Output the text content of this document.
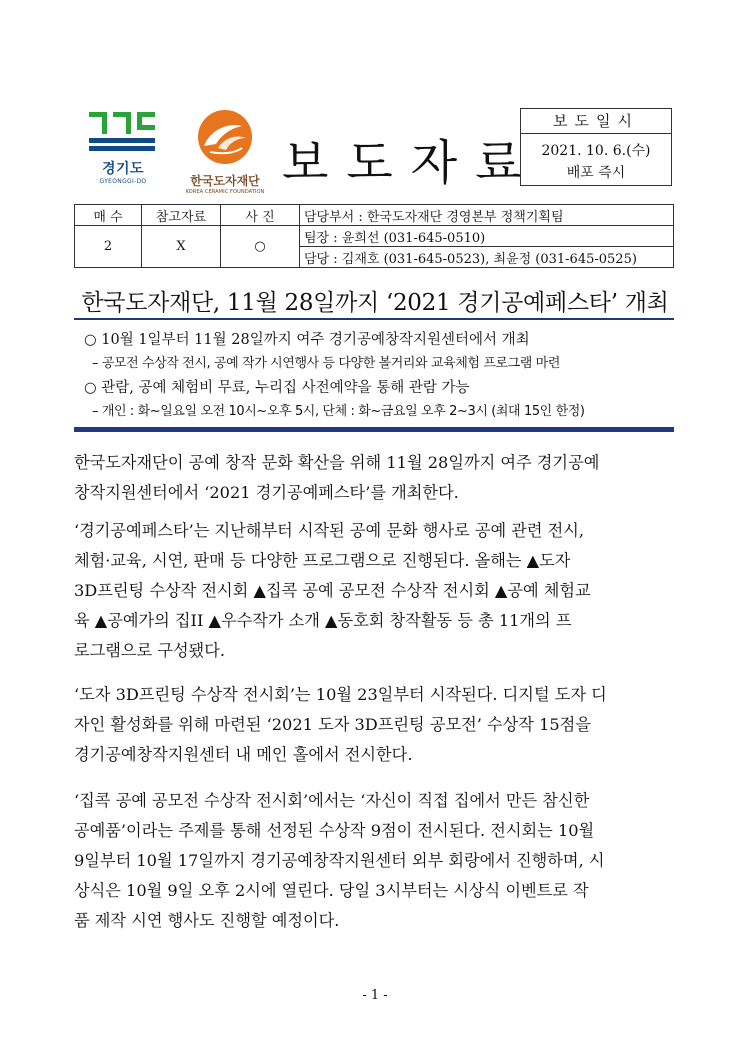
경기도
GYEONGGI-DO	한국도자재단
KOREA CERAMIC FOUNDATION
보도자료
보도일시
2021. 10. 6.(수)
배포 즉시
매 수	참고자료	사 진	담당부서 : 한국도자재단 경영본부 정책기획팀
2	X	○	팀장 : 윤희선 (031-645-0510)
			담당 : 김재호 (031-645-0523), 최윤정 (031-645-0525)
한국도자재단, 11월 28일까지 ‘2021 경기공예페스타’ 개최
○ 10월 1일부터 11월 28일까지 여주 경기공예창작지원센터에서 개최
– 공모전 수상작 전시, 공예 작가 시연행사 등 다양한 볼거리와 교육체험 프로그램 마련
○ 관람, 공예 체험비 무료, 누리집 사전예약을 통해 관람 가능
– 개인 : 화~일요일 오전 10시~오후 5시, 단체 : 화~금요일 오후 2~3시 (최대 15인 한정)
한국도자재단이 공예 창작 문화 확산을 위해 11월 28일까지 여주 경기공예
창작지원센터에서 ‘2021 경기공예페스타’를 개최한다.
‘경기공예페스타’는 지난해부터 시작된 공예 문화 행사로 공예 관련 전시,
체험·교육, 시연, 판매 등 다양한 프로그램으로 진행된다. 올해는 ▲도자
3D프린팅 수상작 전시회 ▲집콕 공예 공모전 수상작 전시회 ▲공예 체험교
육 ▲공예가의 집II ▲우수작가 소개 ▲동호회 창작활동 등 총 11개의 프
로그램으로 구성됐다.
‘도자 3D프린팅 수상작 전시회’는 10월 23일부터 시작된다. 디지털 도자 디
자인 활성화를 위해 마련된 ‘2021 도자 3D프린팅 공모전’ 수상작 15점을
경기공예창작지원센터 내 메인 홀에서 전시한다.
‘집콕 공예 공모전 수상작 전시회’에서는 ‘자신이 직접 집에서 만든 참신한
공예품’이라는 주제를 통해 선정된 수상작 9점이 전시된다. 전시회는 10월
9일부터 10월 17일까지 경기공예창작지원센터 외부 회랑에서 진행하며, 시
상식은 10월 9일 오후 2시에 열린다. 당일 3시부터는 시상식 이벤트로 작
품 제작 시연 행사도 진행할 예정이다.
- 1 -
